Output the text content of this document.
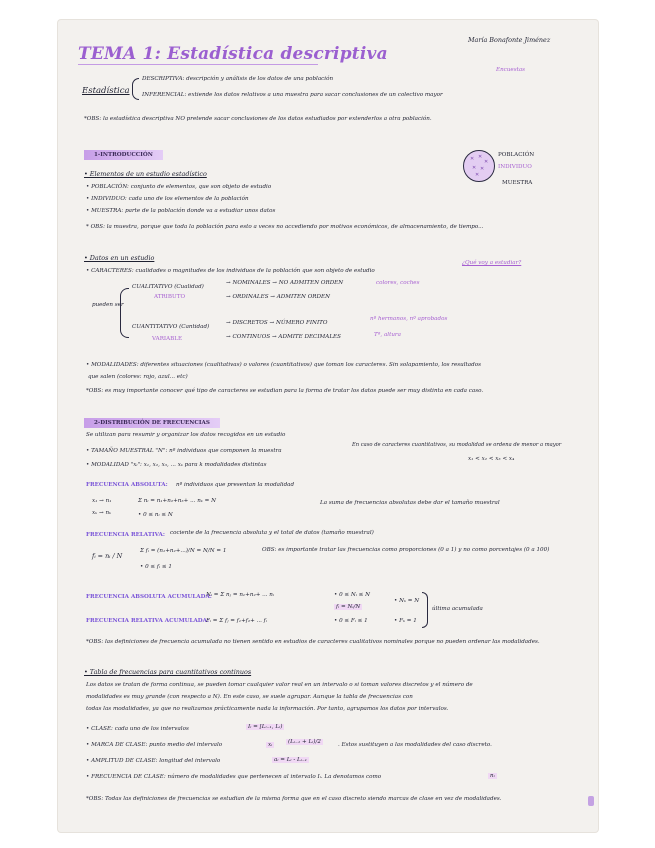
TEMA 1: Estadística descriptiva
María Bonafonte Jiménez
Encuestas
Estadística
DESCRIPTIVA: descripción y análisis de los datos de una población
INFERENCIAL: extiende los datos relativos a una muestra para sacar conclusiones de un colectivo mayor
*OBS: la estadística descriptiva NO pretende sacar conclusiones de los datos estudiados por extenderlos a otra población.
1-INTRODUCCIÓN
• Elementos de un estudio estadístico
• POBLACIÓN: conjunto de elementos, que son objeto de estudio
• INDIVIDUO: cada uno de los elementos de la población
• MUESTRA: parte de la población donde va a estudiar unos datos
* OBS: la muestra, porque que toda la población para esto a veces no accediendo por motivos económicos, de almacenamiento, de tiempo...
✕ ✕
✕
✕ ✕
✕
POBLACIÓN
INDIVIDUO
MUESTRA
• Datos en un estudio
• CARACTERES: cualidades o magnitudes de los individuos de la población que son objeto de estudio
¿Qué voy a estudiar?
pueden ser
CUALITATIVO (Cualidad)
ATRIBUTO
→ NOMINALES → NO ADMITEN ORDEN	colores, coches
→ ORDINALES → ADMITEN ORDEN
CUANTITATIVO (Cantidad)
VARIABLE
→ DISCRETOS → NÚMERO FINITO
nº hermanos, nº aprobados
→ CONTINUOS → ADMITE DECIMALES	Tª, altura
• MODALIDADES: diferentes situaciones (cualitativas) o valores (cuantitativos) que toman los caracteres. Sin solapamiento, los resultados
que salen (colores: rojo, azul... etc)
*OBS: es muy importante conocer qué tipo de caracteres se estudian para la forma de tratar los datos puede ser muy distinta en cada caso.
2-DISTRIBUCIÓN DE FRECUENCIAS
Se utilizan para resumir y organizar los datos recogidos en un estudio
• TAMAÑO MUESTRAL "N": nº individuos que componen la muestra
En caso de caracteres cuantitativos, su modalidad se ordena de menor a mayor
x₁ < x₂ < x₃ < x₄
• MODALIDAD "xᵢ": x₁, x₂, x₃, ... xₖ para k modalidades distintas
FRECUENCIA ABSOLUTA: nº individuos que presentan la modalidad
x₁ → n₁
xₖ → nₖ
Σ nᵢ = n₁+n₂+n₃+ ... nₖ = N
• 0 ≤ nᵢ ≤ N
La suma de frecuencias absolutas debe dar el tamaño muestral
FRECUENCIA RELATIVA: cociente de la frecuencia absoluta y el total de datos (tamaño muestral)
fᵢ = nᵢ / N
Σ fᵢ = (n₁+n₂+...)/N = N/N = 1
• 0 ≤ fᵢ ≤ 1
OBS: es importante tratar las frecuencias como proporciones (0 a 1) y no como porcentajes (0 a 100)
FRECUENCIA ABSOLUTA ACUMULADA:
Nᵢ = Σ nⱼ = n₁+n₂+ ... nᵢ	• 0 ≤ Nᵢ ≤ N
fᵢ = Nᵢ/N
• Nₖ = N
FRECUENCIA RELATIVA ACUMULADA:
Fᵢ = Σ fⱼ = f₁+f₂+ ... fᵢ	• 0 ≤ Fᵢ ≤ 1	• Fₖ = 1
última acumulada
*OBS: las definiciones de frecuencia acumulada no tienen sentido en estudios de caracteres cualitativos nominales porque no pueden ordenar las modalidades.
• Tabla de frecuencias para cuantitativos continuos
Los datos se tratan de forma continua, se pueden tomar cualquier valor real en un intervalo o si toman valores discretos y el número de
modalidades es muy grande (con respecto a N). En este caso, se suele agrupar. Aunque la tabla de frecuencias con
todas las modalidades, ya que no realizamos prácticamente nada la información. Por tanto, agrupamos los datos por intervalos.
• CLASE: cada uno de los intervalos	Iᵢ = [Lᵢ₋₁, Lᵢ)
• MARCA DE CLASE: punto medio del intervalo	xᵢ	(Lᵢ₋₁ + Lᵢ)/2	. Estos sustituyen a las modalidades del caso discreto.
• AMPLITUD DE CLASE: longitud del intervalo	aᵢ = Lᵢ - Lᵢ₋₁
• FRECUENCIA DE CLASE: número de modalidades que pertenecen al intervalo Iᵢ. La denotamos como	nᵢ
*OBS: Todas las definiciones de frecuencias se estudian de la misma forma que en el caso discreto siendo marcas de clase en vez de modalidades.
